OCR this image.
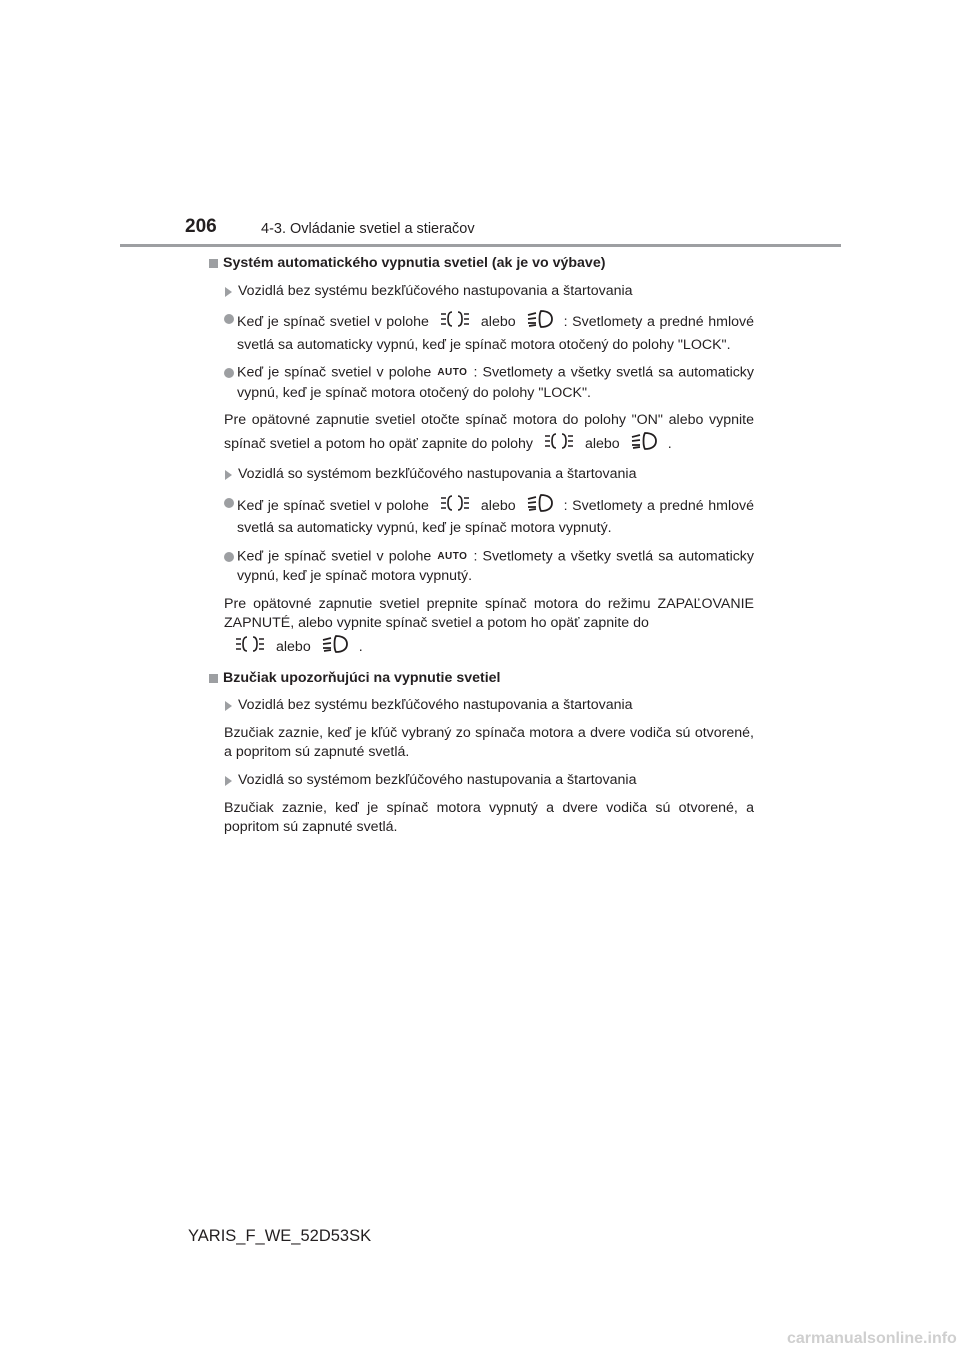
206	4-3. Ovládanie svetiel a stieračov
Systém automatického vypnutia svetiel (ak je vo výbave)
Vozidlá bez systému bezkľúčového nastupovania a štartovania
Keď je spínač svetiel v polohe	alebo	: Svetlomety a predné hmlové svetlá sa automaticky vypnú, keď je spínač motora otočený do polohy "LOCK".
Keď je spínač svetiel v polohe AUTO : Svetlomety a všetky svetlá sa automaticky vypnú, keď je spínač motora otočený do polohy "LOCK".
Pre opätovné zapnutie svetiel otočte spínač motora do polohy "ON" alebo vypnite spínač svetiel a potom ho opäť zapnite do polohy	alebo	.
Vozidlá so systémom bezkľúčového nastupovania a štartovania
Keď je spínač svetiel v polohe	alebo	: Svetlomety a predné hmlové svetlá sa automaticky vypnú, keď je spínač motora vypnutý.
Keď je spínač svetiel v polohe AUTO : Svetlomety a všetky svetlá sa automaticky vypnú, keď je spínač motora vypnutý.
Pre opätovné zapnutie svetiel prepnite spínač motora do režimu ZAPAĽOVANIE ZAPNUTÉ, alebo vypnite spínač svetiel a potom ho opäť zapnite do
alebo	.
Bzučiak upozorňujúci na vypnutie svetiel
Vozidlá bez systému bezkľúčového nastupovania a štartovania
Bzučiak zaznie, keď je kľúč vybraný zo spínača motora a dvere vodiča sú otvorené, a popritom sú zapnuté svetlá.
Vozidlá so systémom bezkľúčového nastupovania a štartovania
Bzučiak zaznie, keď je spínač motora vypnutý a dvere vodiča sú otvorené, a popritom sú zapnuté svetlá.
YARIS_F_WE_52D53SK
carmanualsonline.info
